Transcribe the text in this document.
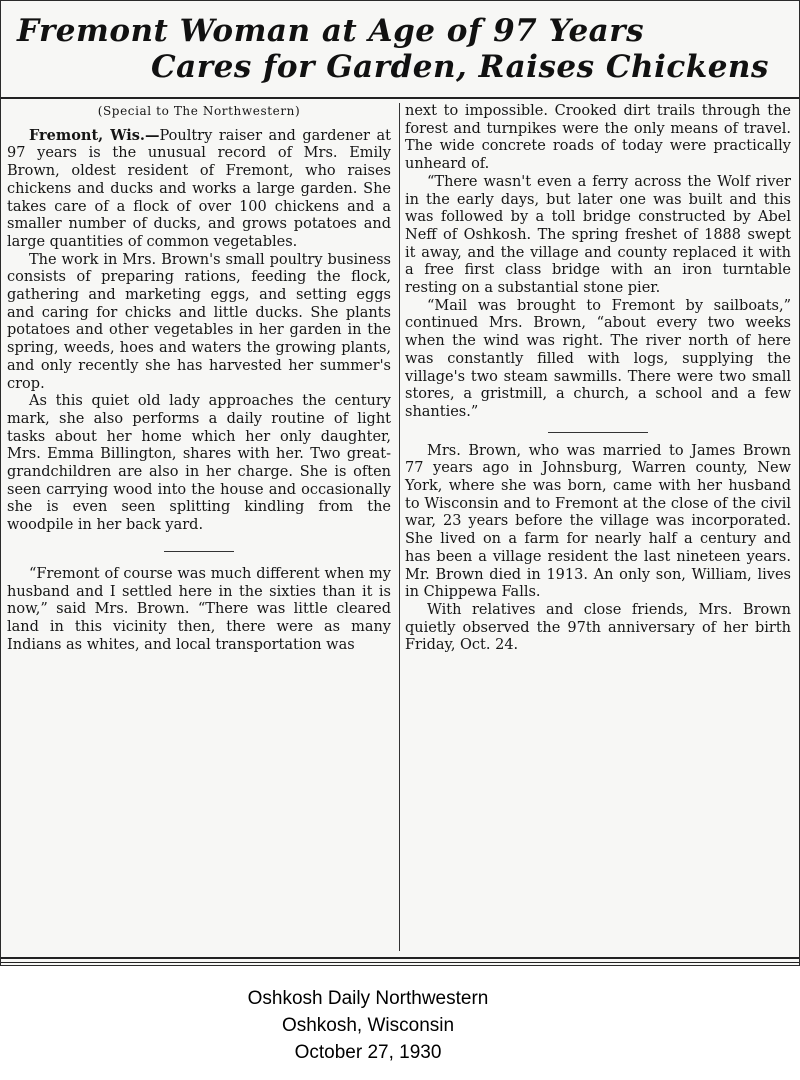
Fremont Woman at Age of 97 Years
Cares for Garden, Raises Chickens

(Special to The Northwestern)

Fremont, Wis.—Poultry raiser and gardener at 97 years is the unusual record of Mrs. Emily Brown, oldest resident of Fremont, who raises chickens and ducks and works a large garden. She takes care of a flock of over 100 chickens and a smaller number of ducks, and grows potatoes and large quantities of common vegetables.

The work in Mrs. Brown's small poultry business consists of preparing rations, feeding the flock, gathering and marketing eggs, and setting eggs and caring for chicks and little ducks. She plants potatoes and other vegetables in her garden in the spring, weeds, hoes and waters the growing plants, and only recently she has harvested her summer's crop.

As this quiet old lady approaches the century mark, she also performs a daily routine of light tasks about her home which her only daughter, Mrs. Emma Billington, shares with her. Two great-grandchildren are also in her charge. She is often seen carrying wood into the house and occasionally she is even seen splitting kindling from the woodpile in her back yard.

“Fremont of course was much different when my husband and I settled here in the sixties than it is now,” said Mrs. Brown. “There was little cleared land in this vicinity then, there were as many Indians as whites, and local transportation was

next to impossible. Crooked dirt trails through the forest and turnpikes were the only means of travel. The wide concrete roads of today were practically unheard of.

“There wasn't even a ferry across the Wolf river in the early days, but later one was built and this was followed by a toll bridge constructed by Abel Neff of Oshkosh. The spring freshet of 1888 swept it away, and the village and county replaced it with a free first class bridge with an iron turntable resting on a substantial stone pier.

“Mail was brought to Fremont by sailboats,” continued Mrs. Brown, “about every two weeks when the wind was right. The river north of here was constantly filled with logs, supplying the village's two steam sawmills. There were two small stores, a gristmill, a church, a school and a few shanties.”

Mrs. Brown, who was married to James Brown 77 years ago in Johnsburg, Warren county, New York, where she was born, came with her husband to Wisconsin and to Fremont at the close of the civil war, 23 years before the village was incorporated. She lived on a farm for nearly half a century and has been a village resident the last nineteen years. Mr. Brown died in 1913. An only son, William, lives in Chippewa Falls.

With relatives and close friends, Mrs. Brown quietly observed the 97th anniversary of her birth Friday, Oct. 24.

Oshkosh Daily Northwestern
Oshkosh, Wisconsin
October 27, 1930
